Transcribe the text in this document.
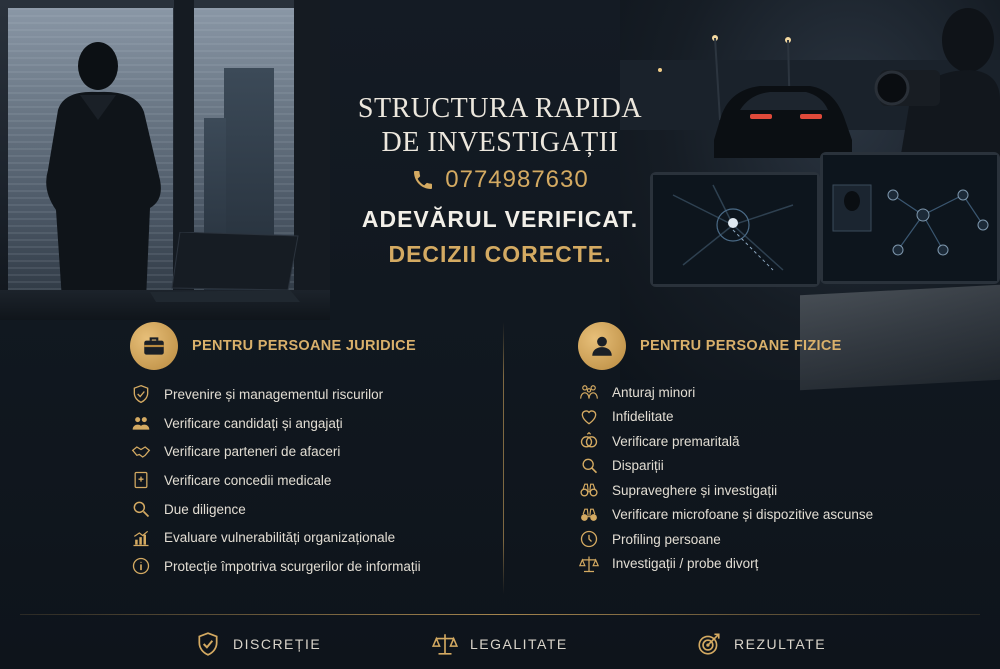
STRUCTURA RAPIDA
DE INVESTIGAȚII
0774987630
ADEVĂRUL VERIFICAT.
DECIZII CORECTE.
PENTRU PERSOANE JURIDICE
Prevenire și managementul riscurilor
Verificare candidați și angajați
Verificare parteneri de afaceri
Verificare concedii medicale
Due diligence
Evaluare vulnerabilități organizaționale
Protecție împotriva scurgerilor de informații
PENTRU PERSOANE FIZICE
Anturaj minori
Infidelitate
Verificare premaritală
Dispariții
Supraveghere și investigații
Verificare microfoane și dispozitive ascunse
Profiling persoane
Investigații / probe divorț
DISCREȚIE	LEGALITATE	REZULTATE
